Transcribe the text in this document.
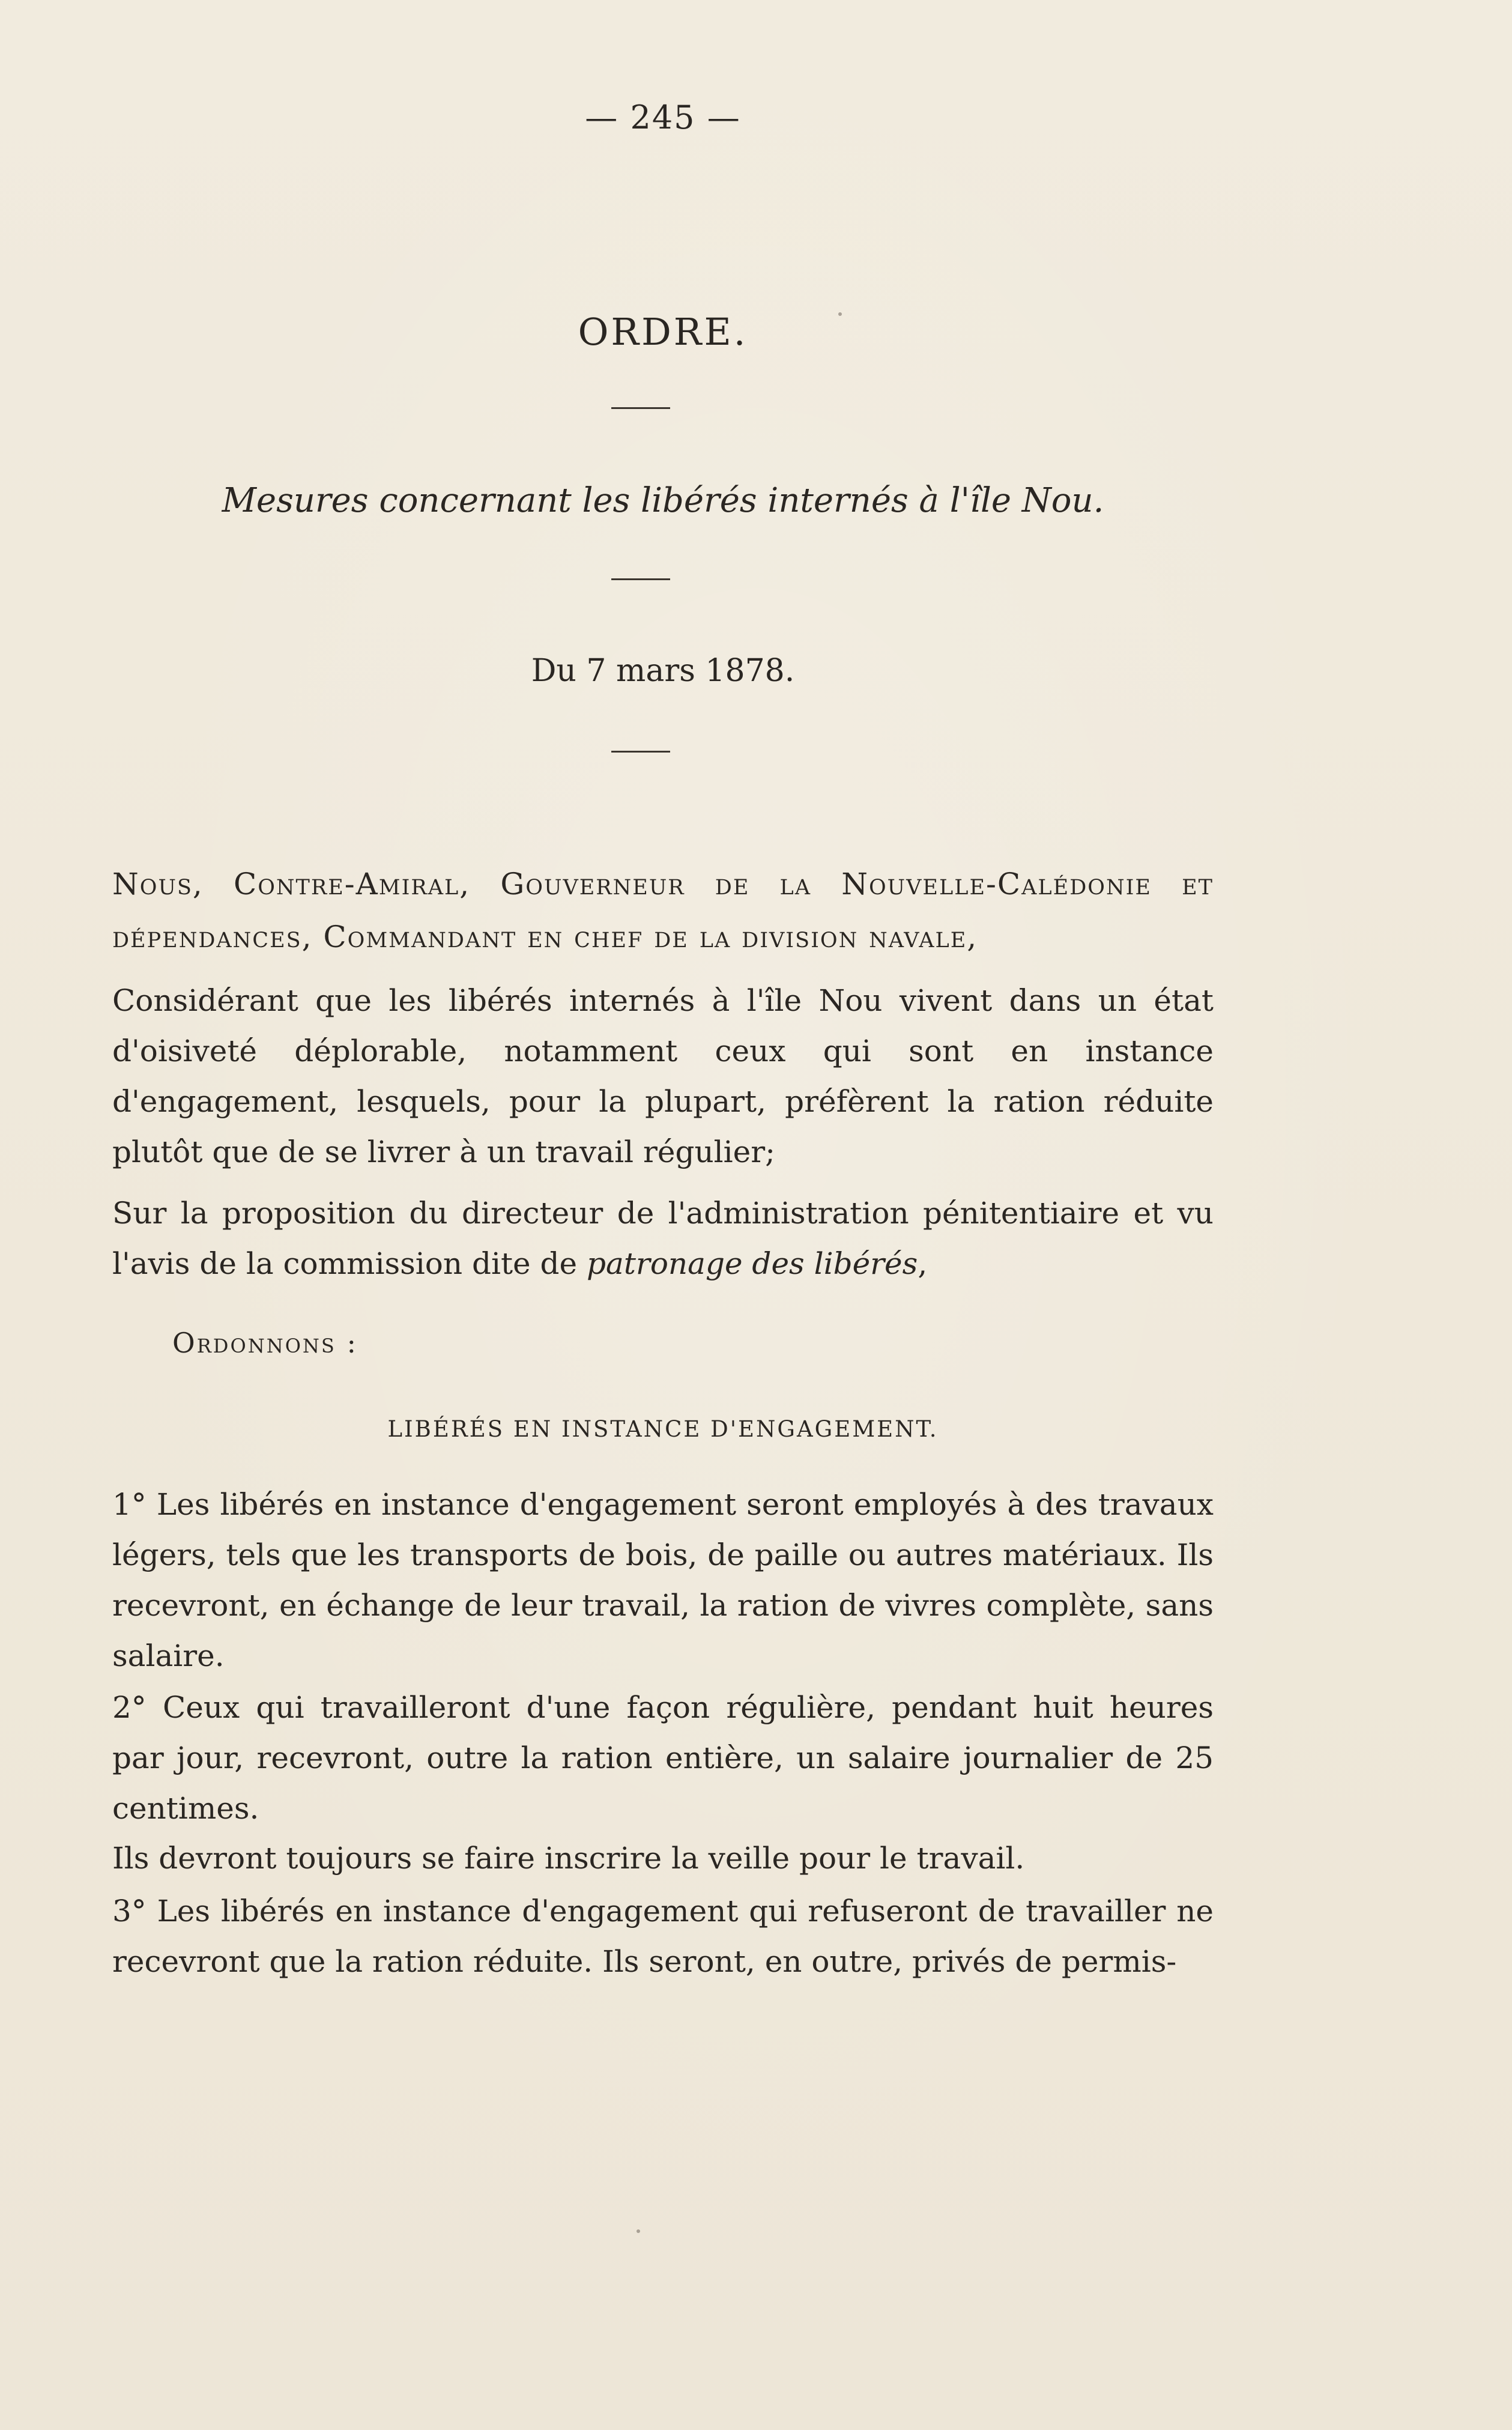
— 245 —
ORDRE.
Mesures concernant les libérés internés à l'île Nou.
Du 7 mars 1878.
Nous, Contre-Amiral, Gouverneur de la Nouvelle-Calédonie et dépendances, Commandant en chef de la division navale,
Considérant que les libérés internés à l'île Nou vivent dans un état d'oisiveté déplorable, notamment ceux qui sont en instance d'engagement, lesquels, pour la plupart, préfèrent la ration réduite plutôt que de se livrer à un travail régulier;
Sur la proposition du directeur de l'administration pénitentiaire et vu l'avis de la commission dite de patronage des libérés,
Ordonnons :
LIBÉRÉS EN INSTANCE D'ENGAGEMENT.
1° Les libérés en instance d'engagement seront employés à des travaux légers, tels que les transports de bois, de paille ou autres matériaux. Ils recevront, en échange de leur travail, la ration de vivres complète, sans salaire.
2° Ceux qui travailleront d'une façon régulière, pendant huit heures par jour, recevront, outre la ration entière, un salaire journalier de 25 centimes.
Ils devront toujours se faire inscrire la veille pour le travail.
3° Les libérés en instance d'engagement qui refuseront de travailler ne recevront que la ration réduite. Ils seront, en outre, privés de permis-
